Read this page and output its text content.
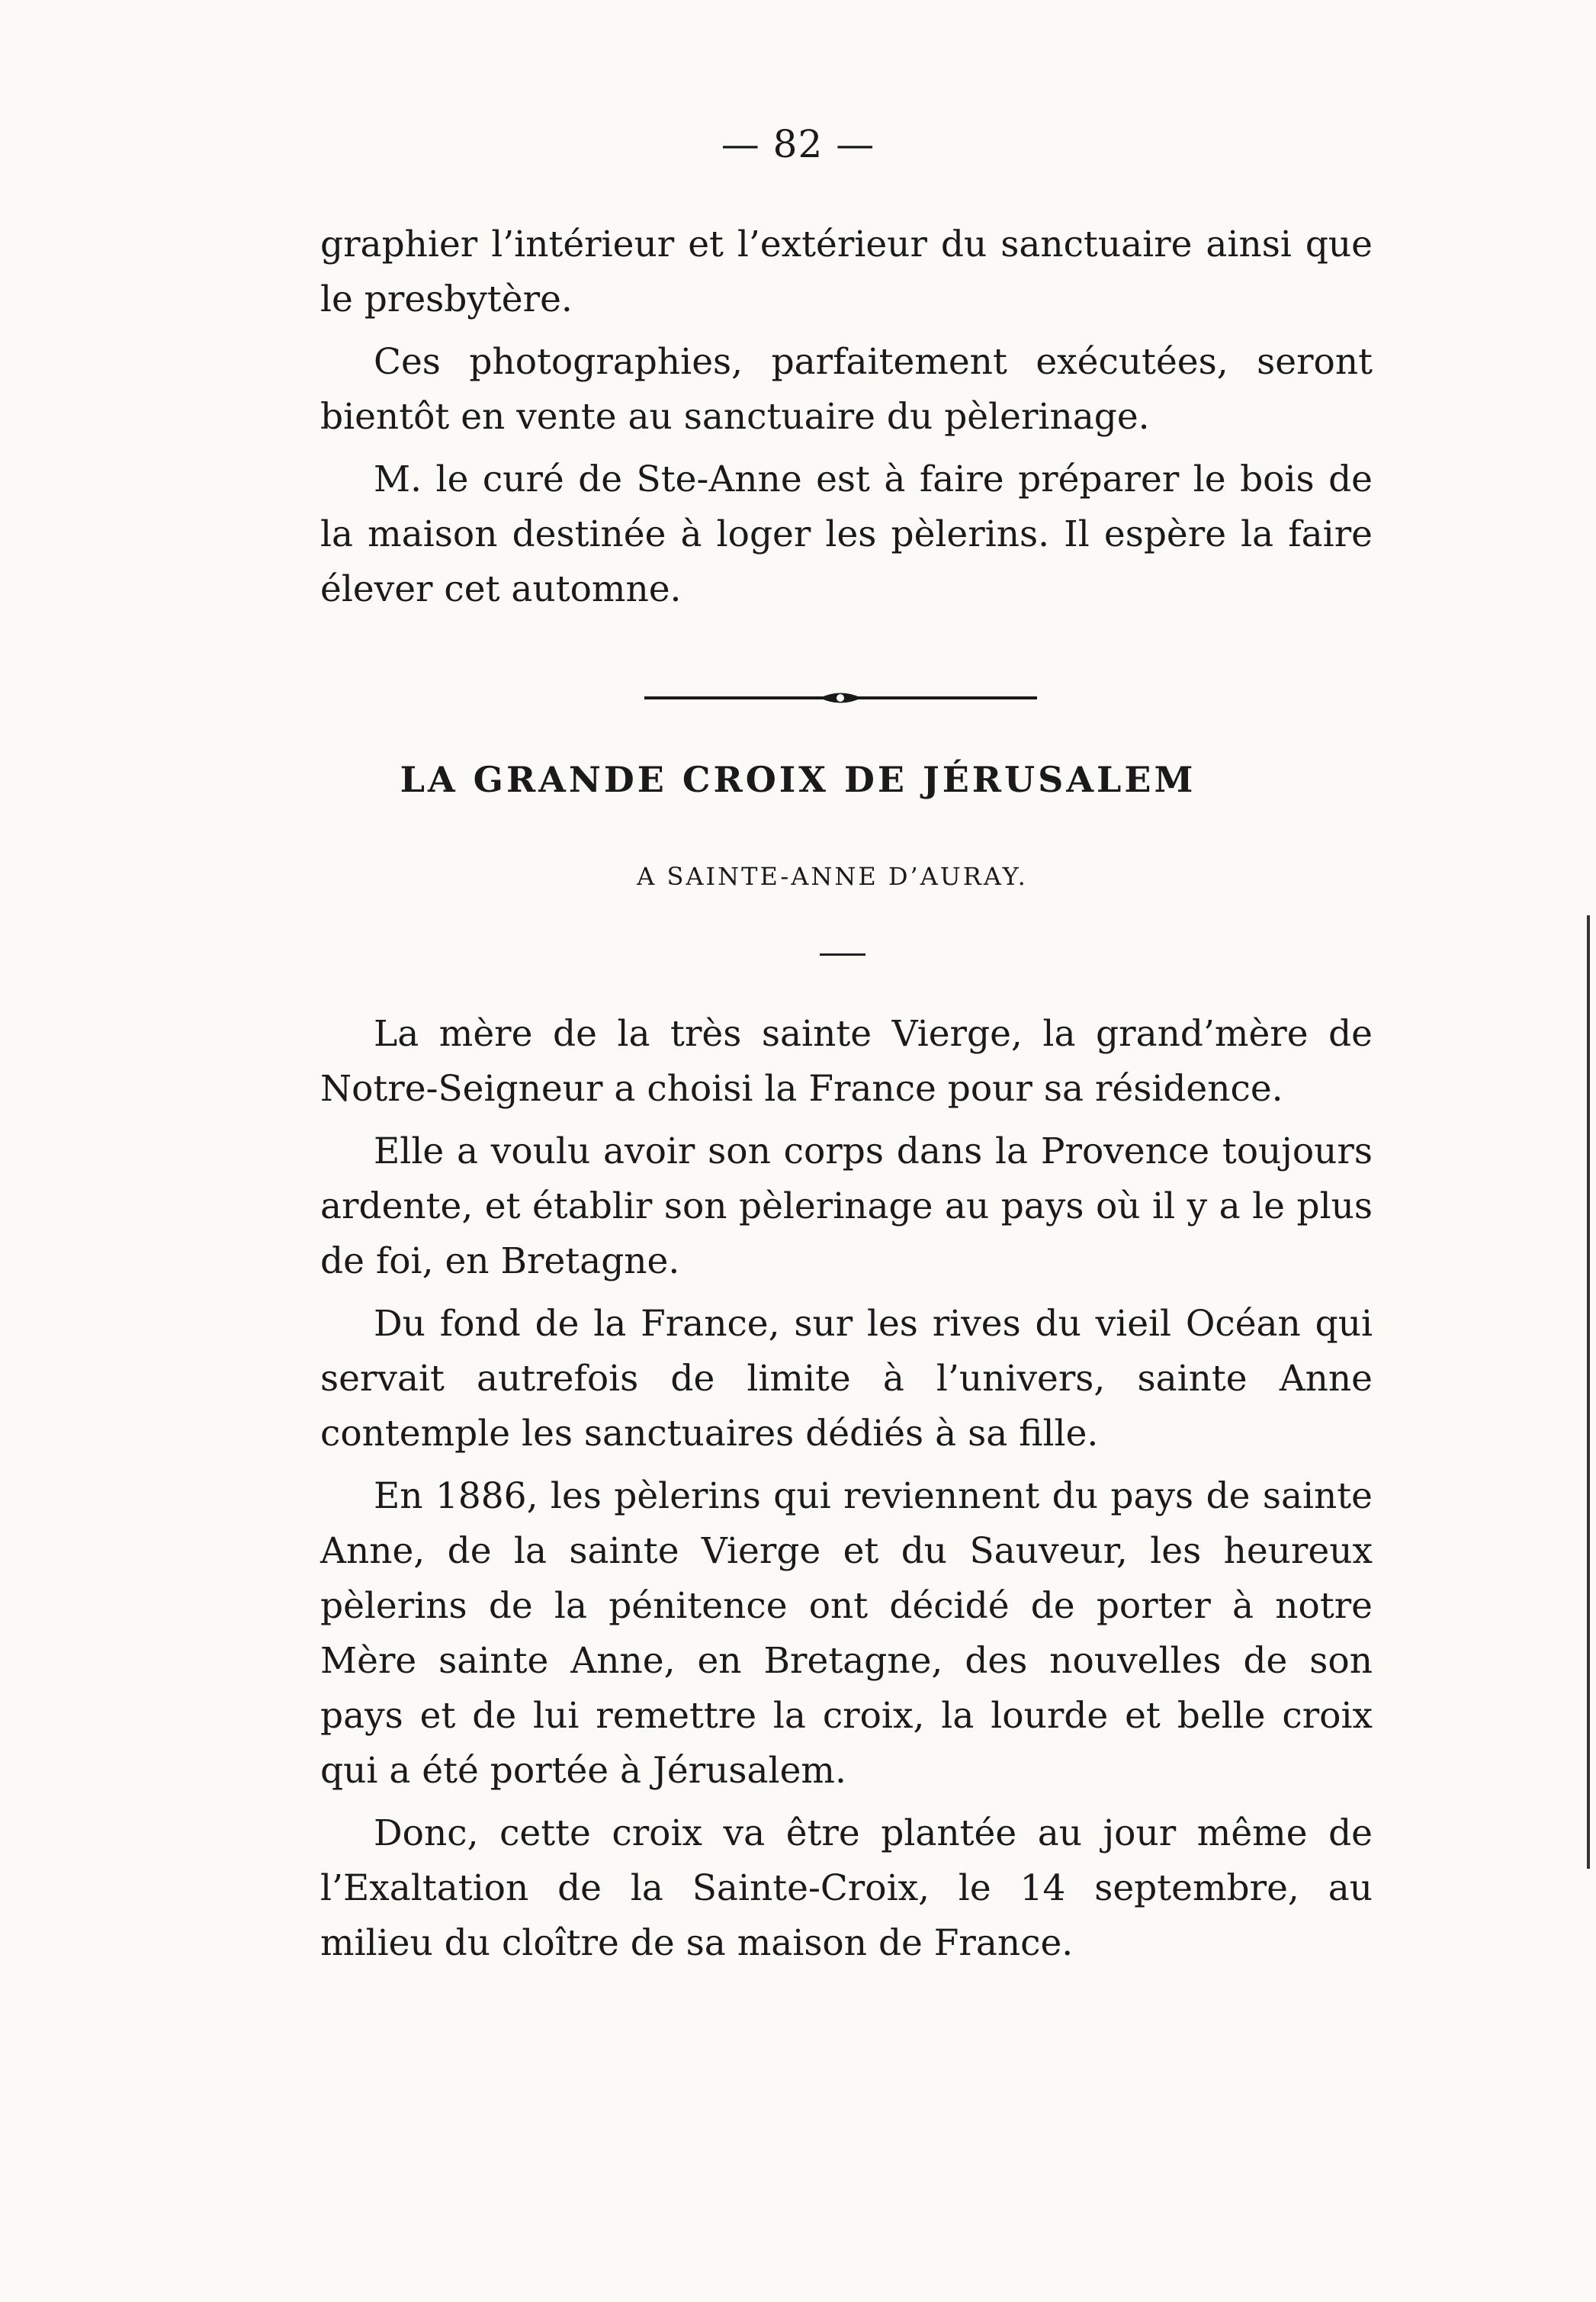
— 82 —

graphier l’intérieur et l’extérieur du sanctuaire ainsi que le presbytère.

Ces photographies, parfaitement exécutées, seront bientôt en vente au sanctuaire du pèlerinage.

M. le curé de Ste-Anne est à faire préparer le bois de la maison destinée à loger les pèlerins. Il espère la faire élever cet automne.

LA GRANDE CROIX DE JÉRUSALEM
A SAINTE-ANNE D’AURAY.

La mère de la très sainte Vierge, la grand’mère de Notre-Seigneur a choisi la France pour sa résidence.

Elle a voulu avoir son corps dans la Provence toujours ardente, et établir son pèlerinage au pays où il y a le plus de foi, en Bretagne.

Du fond de la France, sur les rives du vieil Océan qui servait autrefois de limite à l’univers, sainte Anne contemple les sanctuaires dédiés à sa fille.

En 1886, les pèlerins qui reviennent du pays de sainte Anne, de la sainte Vierge et du Sauveur, les heureux pèlerins de la pénitence ont décidé de porter à notre Mère sainte Anne, en Bretagne, des nouvelles de son pays et de lui remettre la croix, la lourde et belle croix qui a été portée à Jérusalem.

Donc, cette croix va être plantée au jour même de l’Exaltation de la Sainte-Croix, le 14 septembre, au milieu du cloître de sa maison de France.
